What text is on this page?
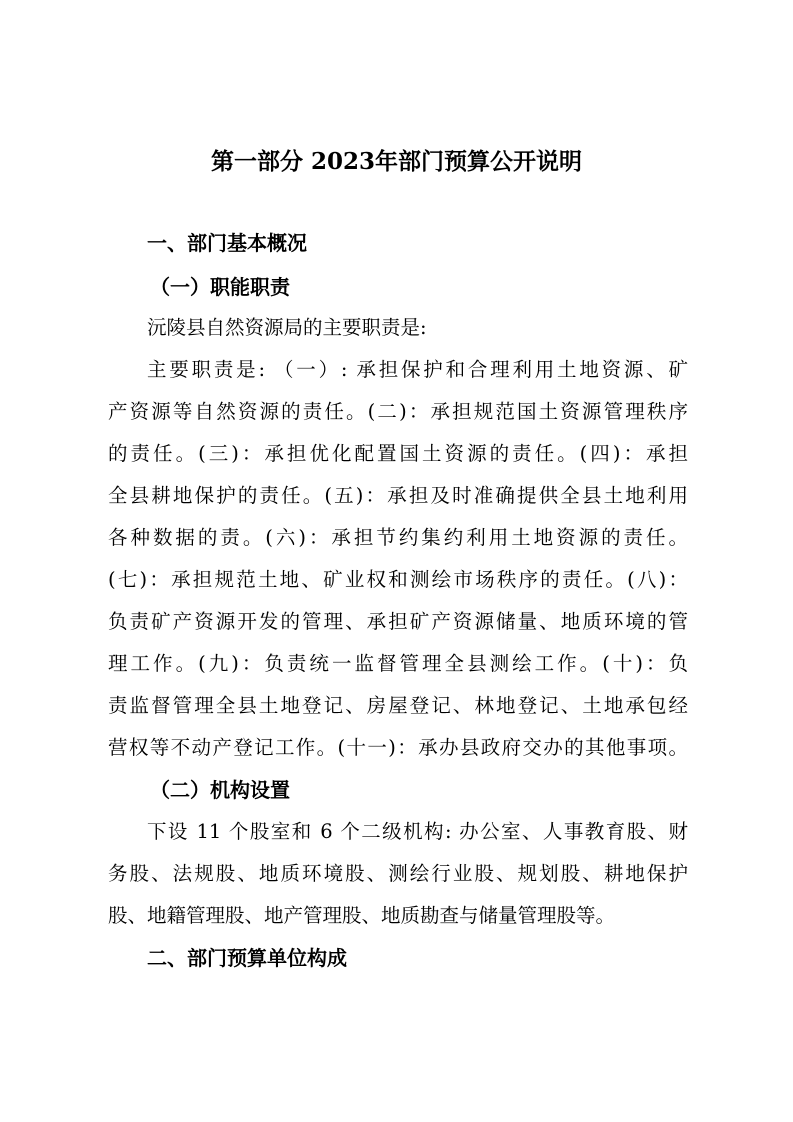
第一部分 2023年部门预算公开说明
一、部门基本概况
（一）职能职责
沅陵县自然资源局的主要职责是:
主要职责是: （一）: 承担保护和合理利用土地资源、矿
产资源等自然资源的责任。(二)：承担规范国土资源管理秩序
的责任。(三)：承担优化配置国土资源的责任。(四)：承担
全县耕地保护的责任。(五)：承担及时准确提供全县土地利用
各种数据的责。(六)：承担节约集约利用土地资源的责任。
(七)：承担规范土地、矿业权和测绘市场秩序的责任。(八)：
负责矿产资源开发的管理、承担矿产资源储量、地质环境的管
理工作。(九)：负责统一监督管理全县测绘工作。(十)：负
责监督管理全县土地登记、房屋登记、林地登记、土地承包经
营权等不动产登记工作。(十一)：承办县政府交办的其他事项。
（二）机构设置
下设 11 个股室和 6 个二级机构: 办公室、人事教育股、财
务股、法规股、地质环境股、测绘行业股、规划股、耕地保护
股、地籍管理股、地产管理股、地质勘查与储量管理股等。
二、部门预算单位构成
